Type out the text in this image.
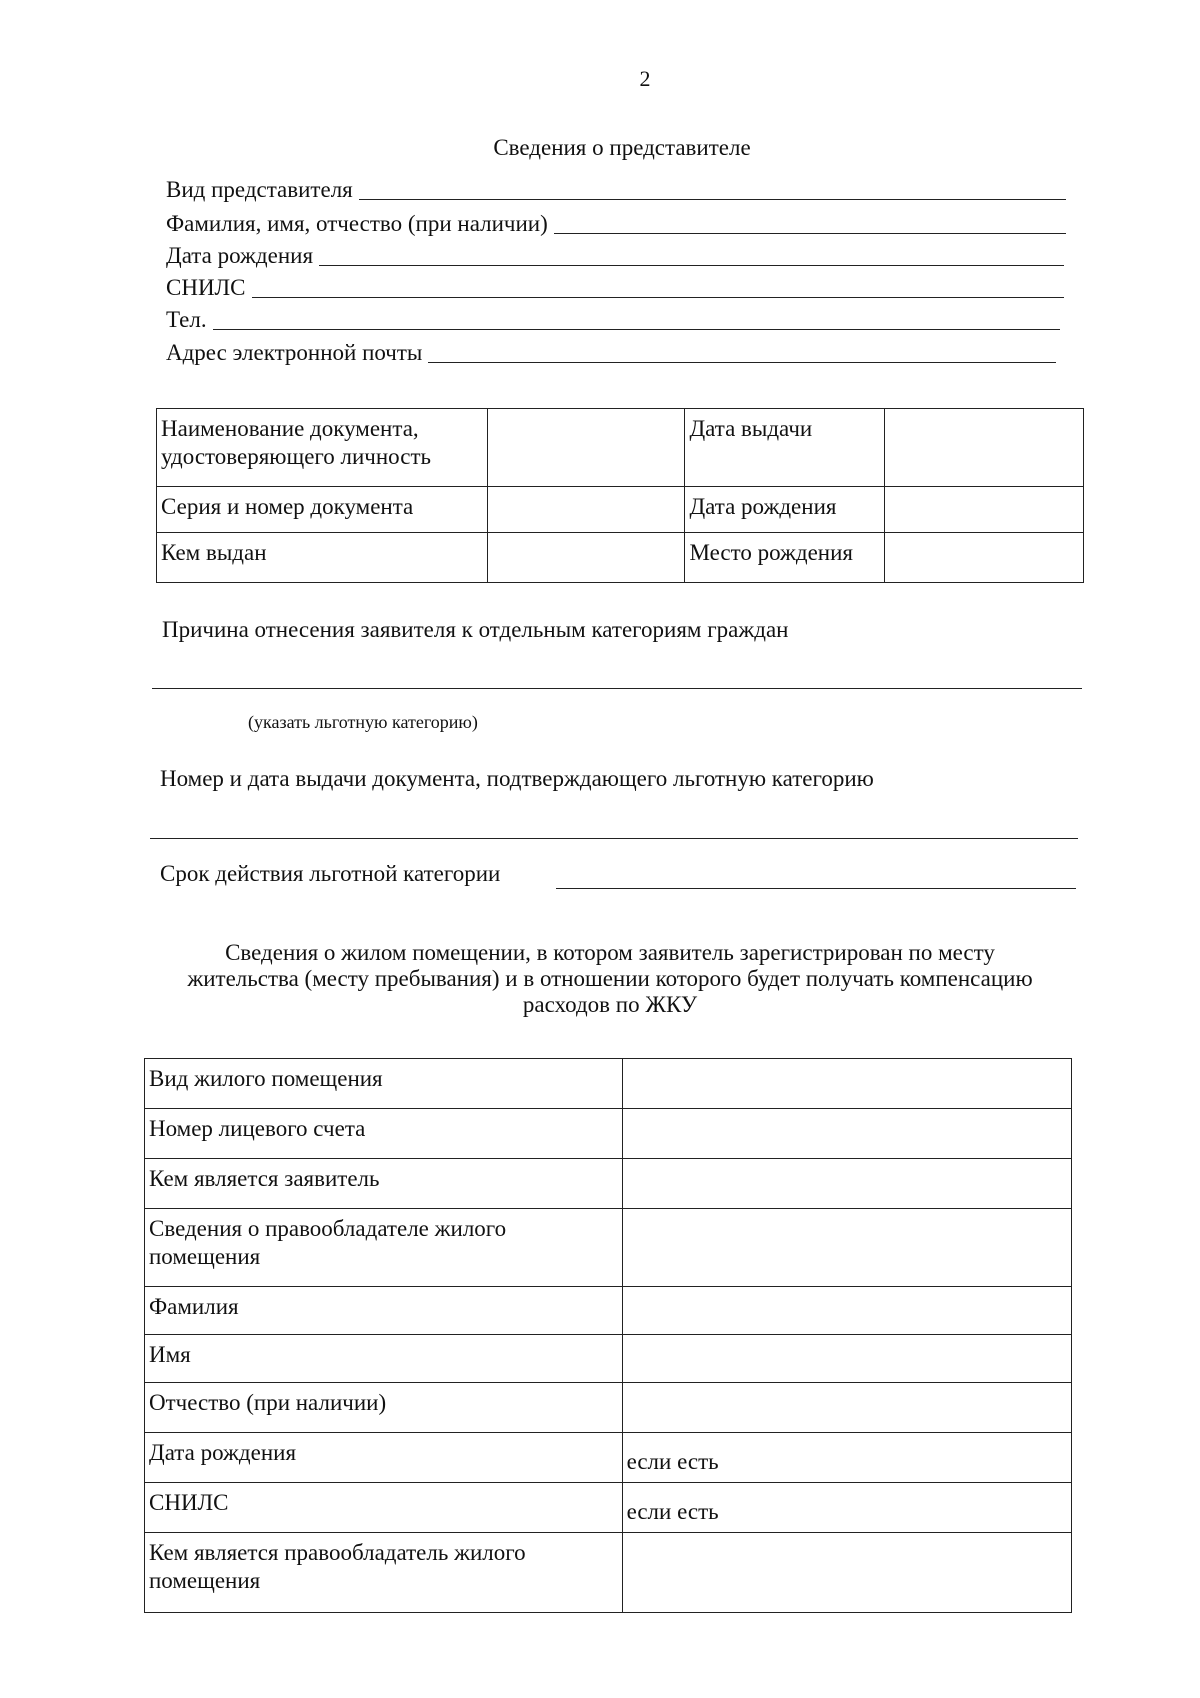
2
Сведения о представителе
Вид представителя
Фамилия, имя, отчество (при наличии)
Дата рождения
СНИЛС
Тел.
Адрес электронной почты
Наименование документа, удостоверяющего личность		Дата выдачи	
Серия и номер документа		Дата рождения	
Кем выдан		Место рождения	
Причина отнесения заявителя к отдельным категориям граждан
(указать льготную категорию)
Номер и дата выдачи документа, подтверждающего льготную категорию
Срок действия льготной категории
Сведения о жилом помещении, в котором заявитель зарегистрирован по месту
жительства (месту пребывания) и в отношении которого будет получать компенсацию
расходов по ЖКУ
Вид жилого помещения	
Номер лицевого счета	
Кем является заявитель	
Сведения о правообладателе жилого помещения	
Фамилия	
Имя	
Отчество (при наличии)	
Дата рождения	если есть
СНИЛС	если есть
Кем является правообладатель жилого помещения	
